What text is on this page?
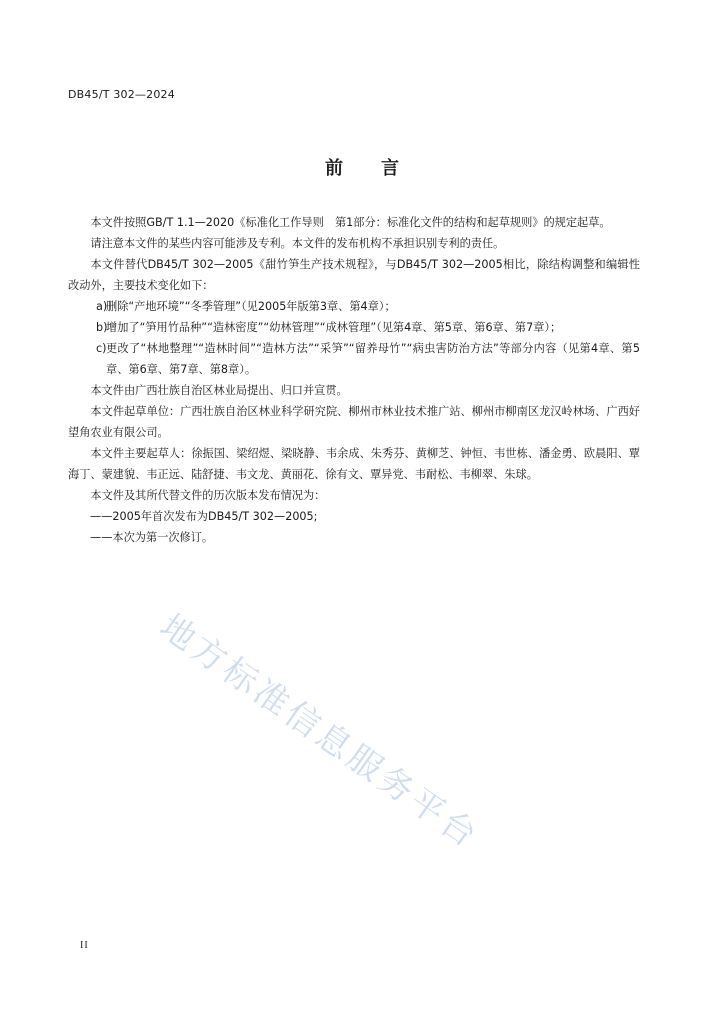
DB45/T 302—2024
前言

本文件按照GB/T 1.1—2020《标准化工作导则　第1部分：标准化文件的结构和起草规则》的规定起草。

请注意本文件的某些内容可能涉及专利。本文件的发布机构不承担识别专利的责任。

本文件替代DB45/T 302—2005《甜竹笋生产技术规程》，与DB45/T 302—2005相比，除结构调整和编辑性改动外，主要技术变化如下：

a)
删除“产地环境”“冬季管理”（见2005年版第3章、第4章）；

b)
增加了“笋用竹品种”“造林密度”“幼林管理”“成林管理”（见第4章、第5章、第6章、第7章）；

c) 更改了“林地整理”“造林时间”“造林方法”“采笋”“留养母竹”“病虫害防治方法”等部分内容（见第4章、第5章、第6章、第7章、第8章）。

本文件由广西壮族自治区林业局提出、归口并宣贯。

本文件起草单位：广西壮族自治区林业科学研究院、柳州市林业技术推广站、柳州市柳南区龙汉岭林场、广西好望角农业有限公司。

本文件主要起草人：徐振国、梁绍煜、梁晓静、韦余成、朱秀芬、黄柳芝、钟恒、韦世栋、潘金勇、欧晨阳、覃海丁、蒙建貌、韦正远、陆舒捷、韦文龙、黄丽花、徐有文、覃异党、韦耐松、韦柳翠、朱球。

本文件及其所代替文件的历次版本发布情况为：

——2005年首次发布为DB45/T 302—2005;

——本次为第一次修订。

地方标准信息服务平台
II
